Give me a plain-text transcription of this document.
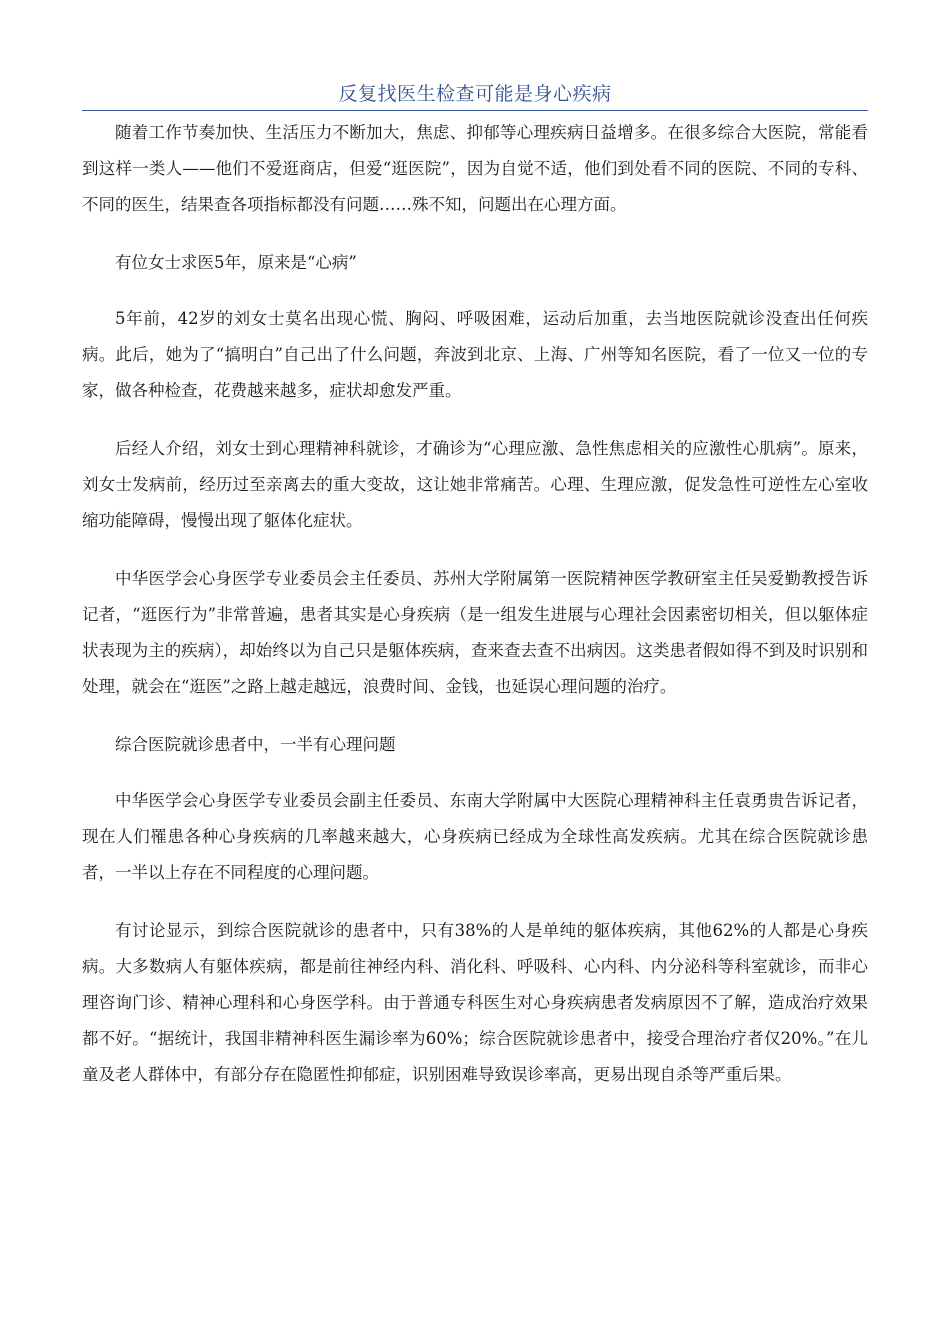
反复找医生检查可能是身心疾病

随着工作节奏加快、生活压力不断加大，焦虑、抑郁等心理疾病日益增多。在很多综合大医院，常能看到这样一类人——他们不爱逛商店，但爱“逛医院”，因为自觉不适，他们到处看不同的医院、不同的专科、不同的医生，结果查各项指标都没有问题……殊不知，问题出在心理方面。

有位女士求医5年，原来是“心病”

5年前，42岁的刘女士莫名出现心慌、胸闷、呼吸困难，运动后加重，去当地医院就诊没查出任何疾病。此后，她为了“搞明白”自己出了什么问题，奔波到北京、上海、广州等知名医院，看了一位又一位的专家，做各种检查，花费越来越多，症状却愈发严重。

后经人介绍，刘女士到心理精神科就诊，才确诊为“心理应激、急性焦虑相关的应激性心肌病”。原来，刘女士发病前，经历过至亲离去的重大变故，这让她非常痛苦。心理、生理应激，促发急性可逆性左心室收缩功能障碍，慢慢出现了躯体化症状。

中华医学会心身医学专业委员会主任委员、苏州大学附属第一医院精神医学教研室主任吴爱勤教授告诉记者，“逛医行为”非常普遍，患者其实是心身疾病（是一组发生进展与心理社会因素密切相关，但以躯体症状表现为主的疾病），却始终以为自己只是躯体疾病，查来查去查不出病因。这类患者假如得不到及时识别和处理，就会在“逛医”之路上越走越远，浪费时间、金钱，也延误心理问题的治疗。

综合医院就诊患者中，一半有心理问题

中华医学会心身医学专业委员会副主任委员、东南大学附属中大医院心理精神科主任袁勇贵告诉记者，现在人们罹患各种心身疾病的几率越来越大，心身疾病已经成为全球性高发疾病。尤其在综合医院就诊患者，一半以上存在不同程度的心理问题。

有讨论显示，到综合医院就诊的患者中，只有38%的人是单纯的躯体疾病，其他62%的人都是心身疾病。大多数病人有躯体疾病，都是前往神经内科、消化科、呼吸科、心内科、内分泌科等科室就诊，而非心理咨询门诊、精神心理科和心身医学科。由于普通专科医生对心身疾病患者发病原因不了解，造成治疗效果都不好。“据统计，我国非精神科医生漏诊率为60%；综合医院就诊患者中，接受合理治疗者仅20%。”在儿童及老人群体中，有部分存在隐匿性抑郁症，识别困难导致误诊率高，更易出现自杀等严重后果。
